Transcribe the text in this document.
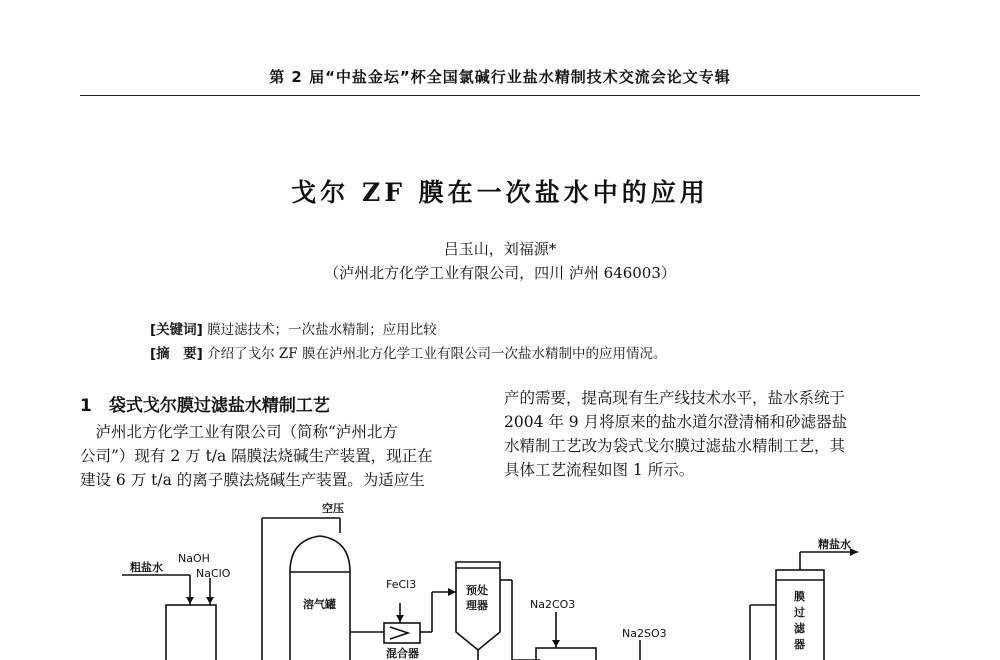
第 2 届“中盐金坛”杯全国氯碱行业盐水精制技术交流会论文专辑
戈尔 ZF 膜在一次盐水中的应用
吕玉山，刘福源*
（泸州北方化学工业有限公司，四川 泸州 646003）
[关键词] 膜过滤技术；一次盐水精制；应用比较
[摘　要] 介绍了戈尔 ZF 膜在泸州北方化学工业有限公司一次盐水精制中的应用情况。
1　袋式戈尔膜过滤盐水精制工艺
　泸州北方化学工业有限公司（简称“泸州北方
公司”）现有 2 万 t/a 隔膜法烧碱生产装置，现正在
建设 6 万 t/a 的离子膜法烧碱生产装置。为适应生
产的需要，提高现有生产线技术水平，盐水系统于
2004 年 9 月将原来的盐水道尔澄清桶和砂滤器盐
水精制工艺改为袋式戈尔膜过滤盐水精制工艺，其
具体工艺流程如图 1 所示。
空压
粗盐水
NaOH
NaClO
溶气罐
FeCl3
混合器
预处
理器	Na2CO3
Na2SO3
精盐水
膜
过
滤
器
